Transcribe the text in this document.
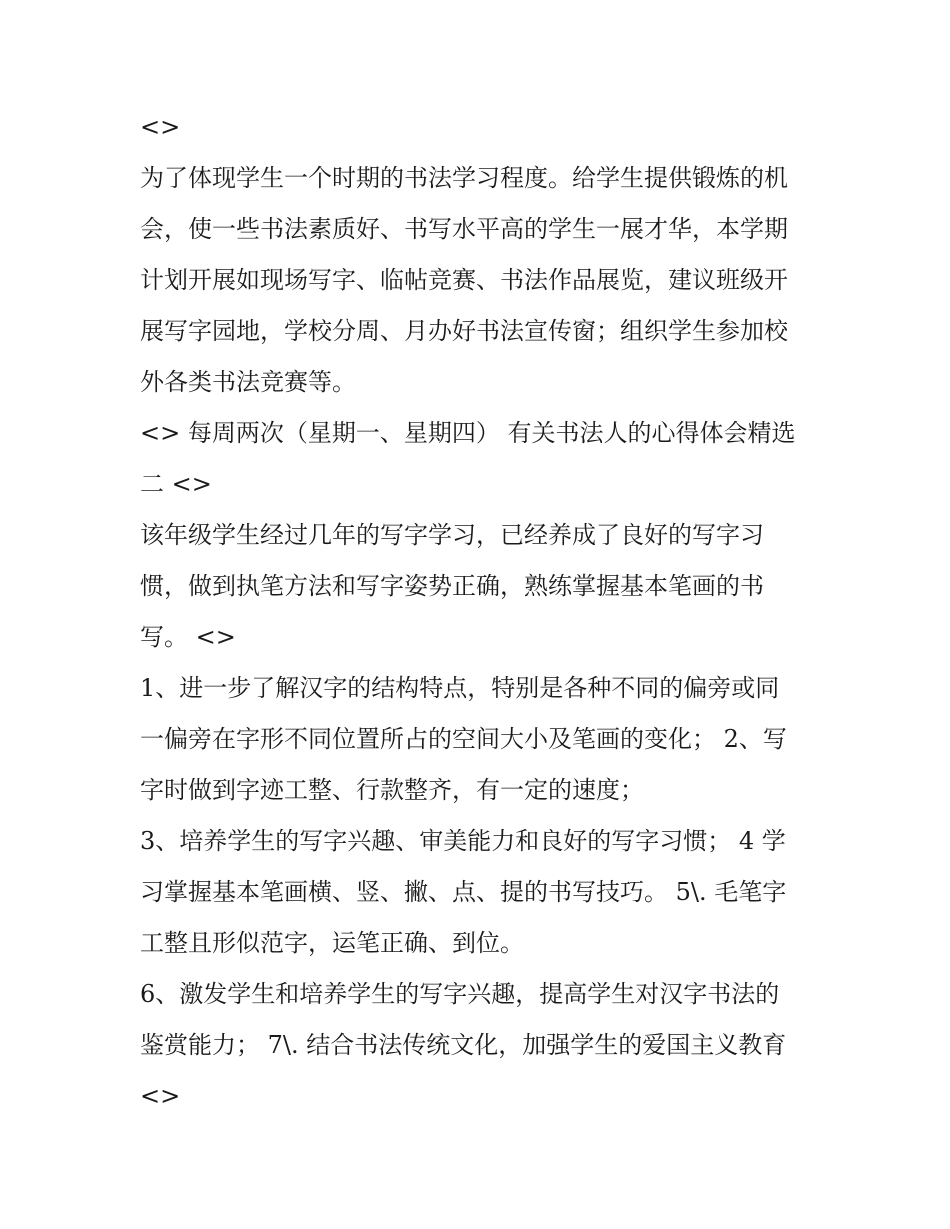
<>
为了体现学生一个时期的书法学习程度。给学生提供锻炼的机
会，使一些书法素质好、书写水平高的学生一展才华，本学期
计划开展如现场写字、临帖竞赛、书法作品展览，建议班级开
展写字园地，学校分周、月办好书法宣传窗；组织学生参加校
外各类书法竞赛等。
<> 每周两次（星期一、星期四） 有关书法人的心得体会精选
二 <>
该年级学生经过几年的写字学习，已经养成了良好的写字习
惯，做到执笔方法和写字姿势正确，熟练掌握基本笔画的书
写。 <>
1、进一步了解汉字的结构特点，特别是各种不同的偏旁或同
一偏旁在字形不同位置所占的空间大小及笔画的变化； 2、写
字时做到字迹工整、行款整齐，有一定的速度；
3、培养学生的写字兴趣、审美能力和良好的写字习惯； 4 学
习掌握基本笔画横、竖、撇、点、提的书写技巧。 5\. 毛笔字
工整且形似范字，运笔正确、到位。
6、激发学生和培养学生的写字兴趣，提高学生对汉字书法的
鉴赏能力； 7\. 结合书法传统文化，加强学生的爱国主义教育
<>
